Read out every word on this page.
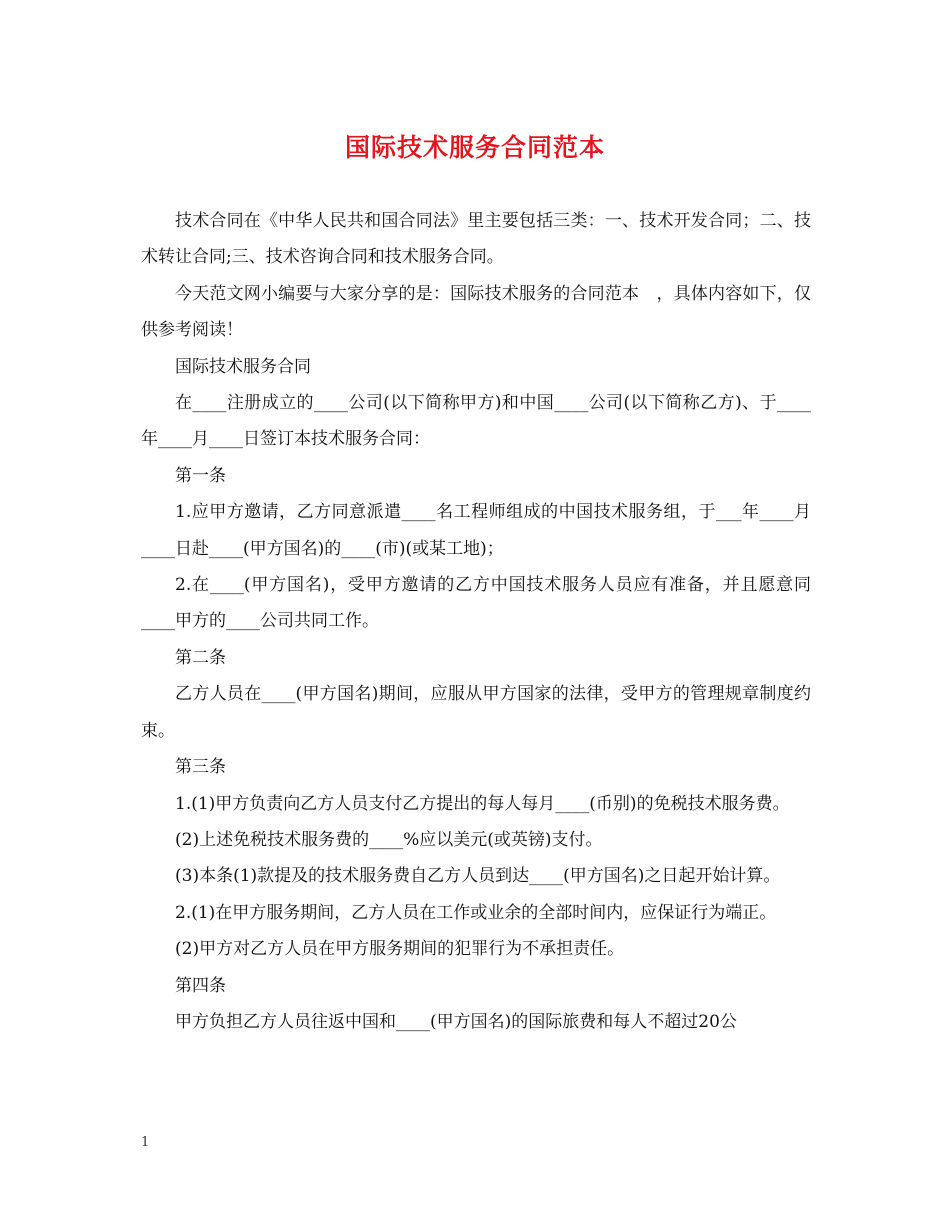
国际技术服务合同范本

技术合同在《中华人民共和国合同法》里主要包括三类：一、技术开发合同；二、技术转让合同;三、技术咨询合同和技术服务合同。

今天范文网小编要与大家分享的是：国际技术服务的合同范本　，具体内容如下，仅供参考阅读！

国际技术服务合同

在____注册成立的____公司(以下简称甲方)和中国____公司(以下简称乙方)、于____年____月____日签订本技术服务合同：

第一条

1.应甲方邀请，乙方同意派遣____名工程师组成的中国技术服务组，于___年____月____日赴____(甲方国名)的____(市)(或某工地)；

2.在____(甲方国名)，受甲方邀请的乙方中国技术服务人员应有准备，并且愿意同____甲方的____公司共同工作。

第二条

乙方人员在____(甲方国名)期间，应服从甲方国家的法律，受甲方的管理规章制度约束。

第三条

1.(1)甲方负责向乙方人员支付乙方提出的每人每月____(币别)的免税技术服务费。

(2)上述免税技术服务费的____%应以美元(或英镑)支付。

(3)本条(1)款提及的技术服务费自乙方人员到达____(甲方国名)之日起开始计算。

2.(1)在甲方服务期间，乙方人员在工作或业余的全部时间内，应保证行为端正。

(2)甲方对乙方人员在甲方服务期间的犯罪行为不承担责任。

第四条

甲方负担乙方人员往返中国和____(甲方国名)的国际旅费和每人不超过20公

1
